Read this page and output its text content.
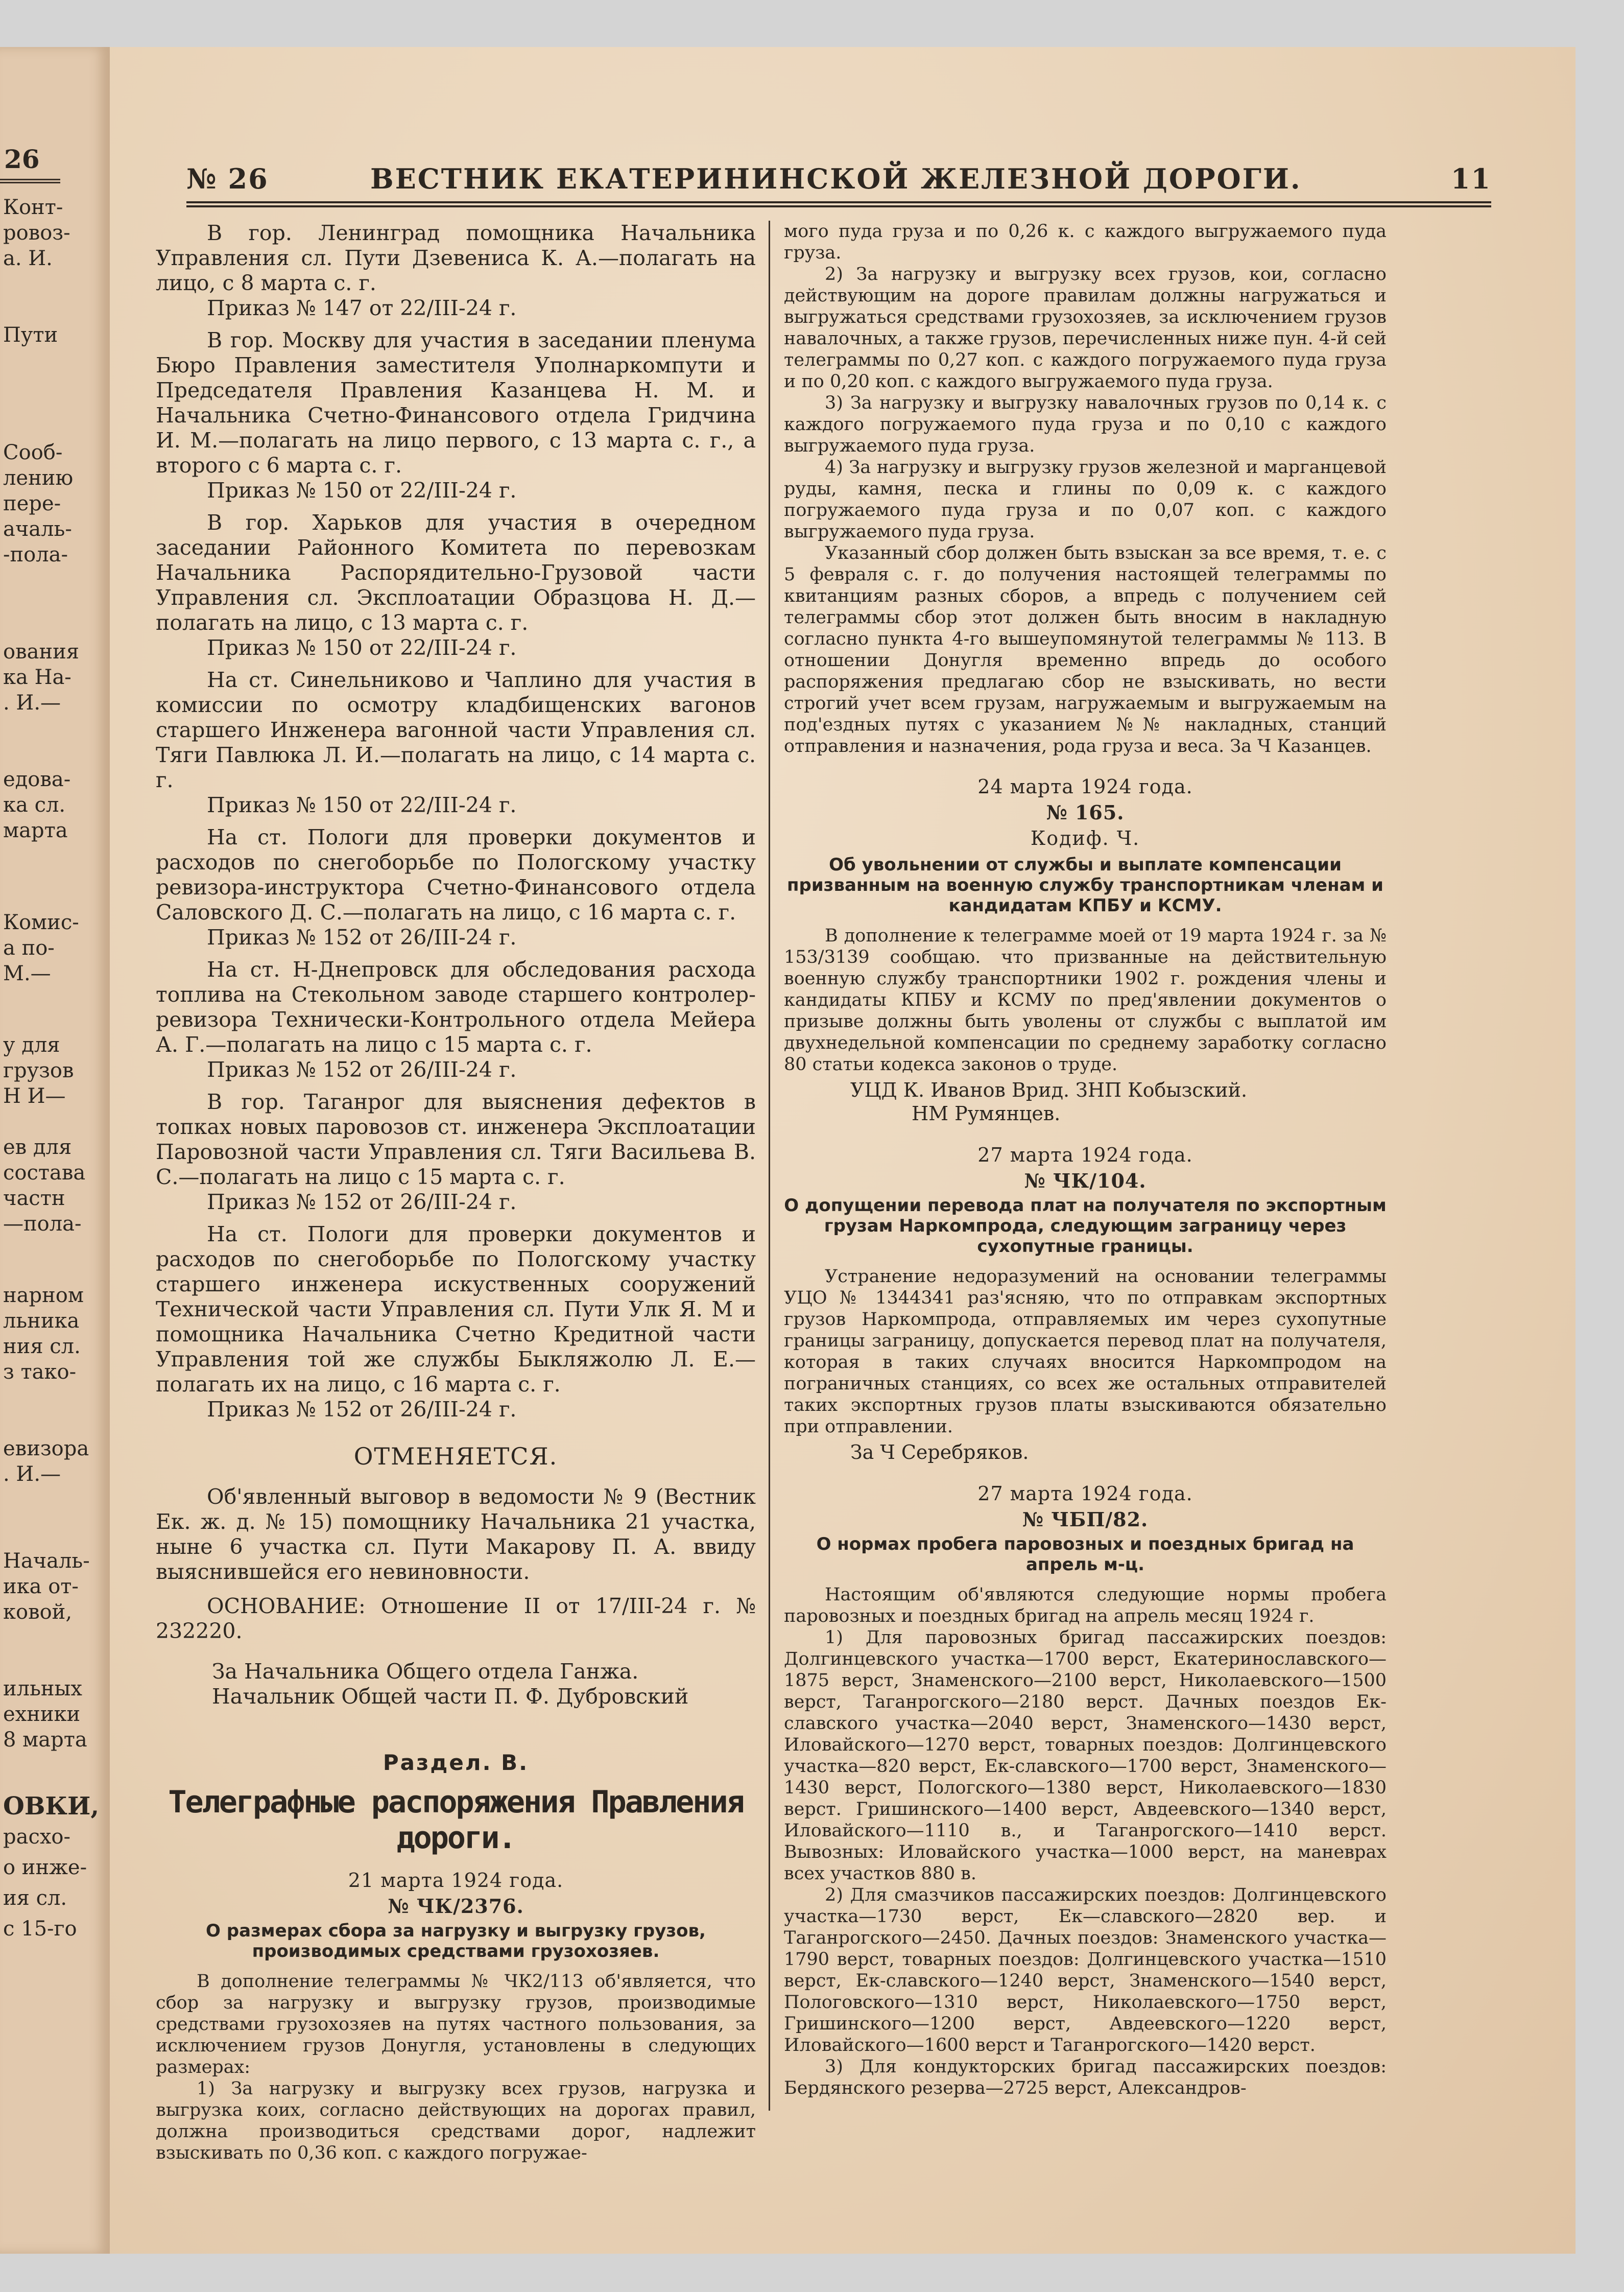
26
Конт-
ровоз-
а. И.
Пути
Сооб-
лению
пере-
ачаль-
-пола-
ования
ка На-
. И.—
едова-
ка сл.
марта
Комис-
а по-
М.—
у для
грузов
Н И—
ев для
состава
частн
—пола-
нарном
льника
ния сл.
з тако-
евизора
. И.—
Началь-
ика от-
ковой,
ильных
ехники
8 марта
ОВКИ,
расхо-
о инже-
ия сл.
с 15-го
№ 26	ВЕСТНИК ЕКАТЕРИНИНСКОЙ ЖЕЛЕЗНОЙ ДОРОГИ.	11

В гор. Ленинград помощника Начальника Управления сл. Пути Дзевениса К. А.—полагать на лицо, с 8 марта с. г.

Приказ № 147 от 22/III-24 г.

В гор. Москву для участия в заседании пленума Бюро Правления заместителя Уполнаркомпути и Председателя Правления Казанцева Н. М. и Начальника Счетно-Финансового отдела Гридчина И. М.—полагать на лицо первого, с 13 марта с. г., а второго с 6 марта с. г.

Приказ № 150 от 22/III-24 г.

В гор. Харьков для участия в очередном заседании Районного Комитета по перевозкам Начальника Распорядительно-Грузовой части Управления сл. Эксплоатации Образцова Н. Д.—полагать на лицо, с 13 марта с. г.

Приказ № 150 от 22/III-24 г.

На ст. Синельниково и Чаплино для участия в комиссии по осмотру кладбищенских вагонов старшего Инженера вагонной части Управления сл. Тяги Павлюка Л. И.—полагать на лицо, с 14 марта с. г.

Приказ № 150 от 22/III-24 г.

На ст. Пологи для проверки документов и расходов по снегоборьбе по Пологскому участку ревизора-инструктора Счетно-Финансового отдела Саловского Д. С.—полагать на лицо, с 16 марта с. г.

Приказ № 152 от 26/III-24 г.

На ст. Н-Днепровск для обследования расхода топлива на Стекольном заводе старшего контролер-ревизора Технически-Контрольного отдела Мейера А. Г.—полагать на лицо с 15 марта с. г.

Приказ № 152 от 26/III-24 г.

В гор. Таганрог для выяснения дефектов в топках новых паровозов ст. инженера Эксплоатации Паровозной части Управления сл. Тяги Васильева В. С.—полагать на лицо с 15 марта с. г.

Приказ № 152 от 26/III-24 г.

На ст. Пологи для проверки документов и расходов по снегоборьбе по Пологскому участку старшего инженера искуственных сооружений Технической части Управления сл. Пути Улк Я. М и помощника Начальника Счетно Кредитной части Управления той же службы Быкляжолю Л. Е.—полагать их на лицо, с 16 марта с. г.

Приказ № 152 от 26/III-24 г.
ОТМЕНЯЕТСЯ.

Об'явленный выговор в ведомости № 9 (Вестник Ек. ж. д. № 15) помощнику Начальника 21 участка, ныне 6 участка сл. Пути Макарову П. А. ввиду выяснившейся его невиновности.

ОСНОВАНИЕ: Отношение II от 17/III-24 г. № 232220.

За Начальника Общего отдела Ганжа.
Начальник Общей части П. Ф. Дубровский
Раздел. В.
Телеграфные распоряжения Правления дороги.
21 марта 1924 года.
№ ЧК/2376.
О размерах сбора за нагрузку и выгрузку грузов, производимых средствами грузохозяев.

В дополнение телеграммы № ЧК2/113 об'является, что сбор за нагрузку и выгрузку грузов, производимые средствами грузохозяев на путях частного пользования, за исключением грузов Донугля, установлены в следующих размерах:

1) За нагрузку и выгрузку всех грузов, нагрузка и выгрузка коих, согласно действующих на дорогах правил, должна производиться средствами дорог, надлежит взыскивать по 0,36 коп. с каждого погружае-

мого пуда груза и по 0,26 к. с каждого выгружаемого пуда груза.

2) За нагрузку и выгрузку всех грузов, кои, согласно действующим на дороге правилам должны нагружаться и выгружаться средствами грузохозяев, за исключением грузов навалочных, а также грузов, перечисленных ниже пун. 4-й сей телеграммы по 0,27 коп. с каждого погружаемого пуда груза и по 0,20 коп. с каждого выгружаемого пуда груза.

3) За нагрузку и выгрузку навалочных грузов по 0,14 к. с каждого погружаемого пуда груза и по 0,10 с каждого выгружаемого пуда груза.

4) За нагрузку и выгрузку грузов железной и марганцевой руды, камня, песка и глины по 0,09 к. с каждого погружаемого пуда груза и по 0,07 коп. с каждого выгружаемого пуда груза.

Указанный сбор должен быть взыскан за все время, т. е. с 5 февраля с. г. до получения настоящей телеграммы по квитанциям разных сборов, а впредь с получением сей телеграммы сбор этот должен быть вносим в накладную согласно пункта 4-го вышеупомянутой телеграммы № 113. В отношении Донугля временно впредь до особого распоряжения предлагаю сбор не взыскивать, но вести строгий учет всем грузам, нагружаемым и выгружаемым на под'ездных путях с указанием №№ накладных, станций отправления и назначения, рода груза и веса. За Ч Казанцев.

24 марта 1924 года.
№ 165.
Кодиф. Ч.
Об увольнении от службы и выплате компенсации призванным на военную службу транспортникам членам и кандидатам КПБУ и КСМУ.

В дополнение к телеграмме моей от 19 марта 1924 г. за № 153/3139 сообщаю. что призванные на действительную военную службу транспортники 1902 г. рождения члены и кандидаты КПБУ и КСМУ по пред'явлении документов о призыве должны быть уволены от службы с выплатой им двухнедельной компенсации по среднему заработку согласно 80 статьи кодекса законов о труде.

УЦД К. Иванов Врид. ЗНП Кобызский.
НМ Румянцев.
27 марта 1924 года.
№ ЧК/104.
О допущении перевода плат на получателя по экспортным грузам Наркомпрода, следующим заграницу через сухопутные границы.

Устранение недоразумений на основании телеграммы УЦО № 1344341 раз'ясняю, что по отправкам экспортных грузов Наркомпрода, отправляемых им через сухопутные границы заграницу, допускается перевод плат на получателя, которая в таких случаях вносится Наркомпродом на пограничных станциях, со всех же остальных отправителей таких экспортных грузов платы взыскиваются обязательно при отправлении.

За Ч Серебряков.
27 марта 1924 года.
№ ЧБП/82.
О нормах пробега паровозных и поездных бригад на апрель м-ц.

Настоящим об'являются следующие нормы пробега паровозных и поездных бригад на апрель месяц 1924 г.

1) Для паровозных бригад пассажирских поездов: Долгинцевского участка—1700 верст, Екатеринославского—1875 верст, Знаменского—2100 верст, Николаевского—1500 верст, Таганрогского—2180 верст. Дачных поездов Ек-славского участка—2040 верст, Знаменского—1430 верст, Иловайского—1270 верст, товарных поездов: Долгинцевского участка—820 верст, Ек-славского—1700 верст, Знаменского—1430 верст, Пологского—1380 верст, Николаевского—1830 верст. Гришинского—1400 верст, Авдеевского—1340 верст, Иловайского—1110 в., и Таганрогского—1410 верст. Вывозных: Иловайского участка—1000 верст, на маневрах всех участков 880 в.

2) Для смазчиков пассажирских поездов: Долгинцевского участка—1730 верст, Ек—славского—2820 вер. и Таганрогского—2450. Дачных поездов: Знаменского участка—1790 верст, товарных поездов: Долгинцевского участка—1510 верст, Ек-славского—1240 верст, Знаменского—1540 верст, Пологовского—1310 верст, Николаевского—1750 верст, Гришинского—1200 верст, Авдеевского—1220 верст, Иловайского—1600 верст и Таганрогского—1420 верст.

3) Для кондукторских бригад пассажирских поездов: Бердянского резерва—2725 верст, Александров-
